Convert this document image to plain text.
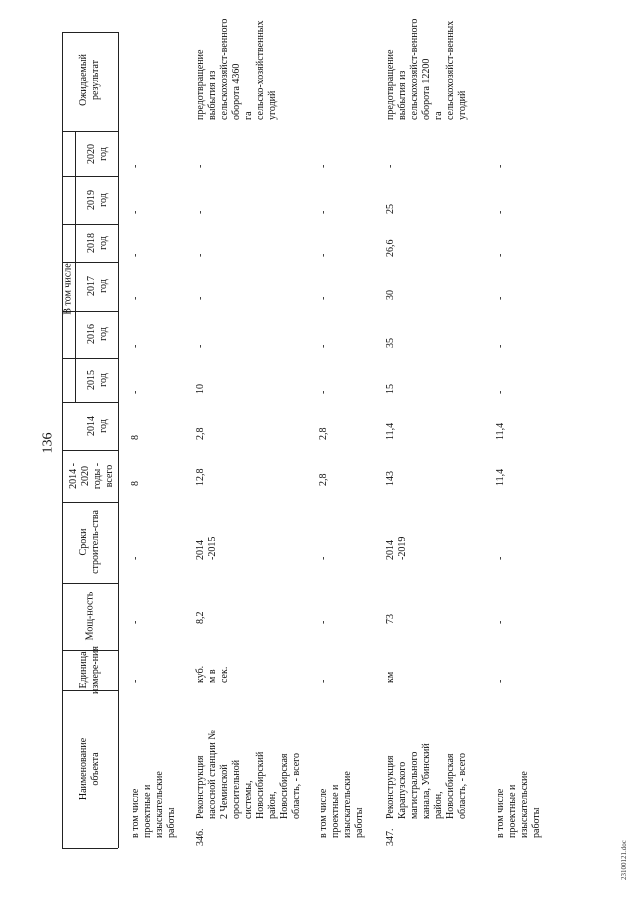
Наименование
объекта
Единица
измере-ния
Мощ-ность
Сроки
строитель-ства
2014 -
2020
годы -
всего
В том числе
2014
год
2015
год
2016
год
2017
год
2018
год
2019
год
2020
год
Ожидаемый
результат
136
в том числе
проектные и
изыскательские
работы
-
-
-
8
8
-
-
-
-
-
-
346.
Реконструкция
насосной станции №
2 Чеминской
оросительной
системы,
Новосибирский
район,
Новосибирская
область, - всего
куб.
м в
сек.
8,2
2014
-2015
12,8
2,8
10
-
-
-
-
-
предотвращение
выбытия из
сельскохозяйст-венного
оборота 4360
га
сельско-хозяйственных
угодий
в том числе
проектные и
изыскательские
работы
-
-
-
2,8
2,8
-
-
-
-
-
-
347.
Реконструкция
Карапузского
магистрального
канала, Убинский
район,
Новосибирская
область, - всего
км
73
2014
-2019
143
11,4
15
35
30
26,6
25
-
предотвращение
выбытия из
сельскохозяйст-венного
оборота 12200
га
сельскохозяйст-венных
угодий
в том числе
проектные и
изыскательские
работы
-
-
-
11,4
11,4
-
-
-
-
-
-
23100121.doc
